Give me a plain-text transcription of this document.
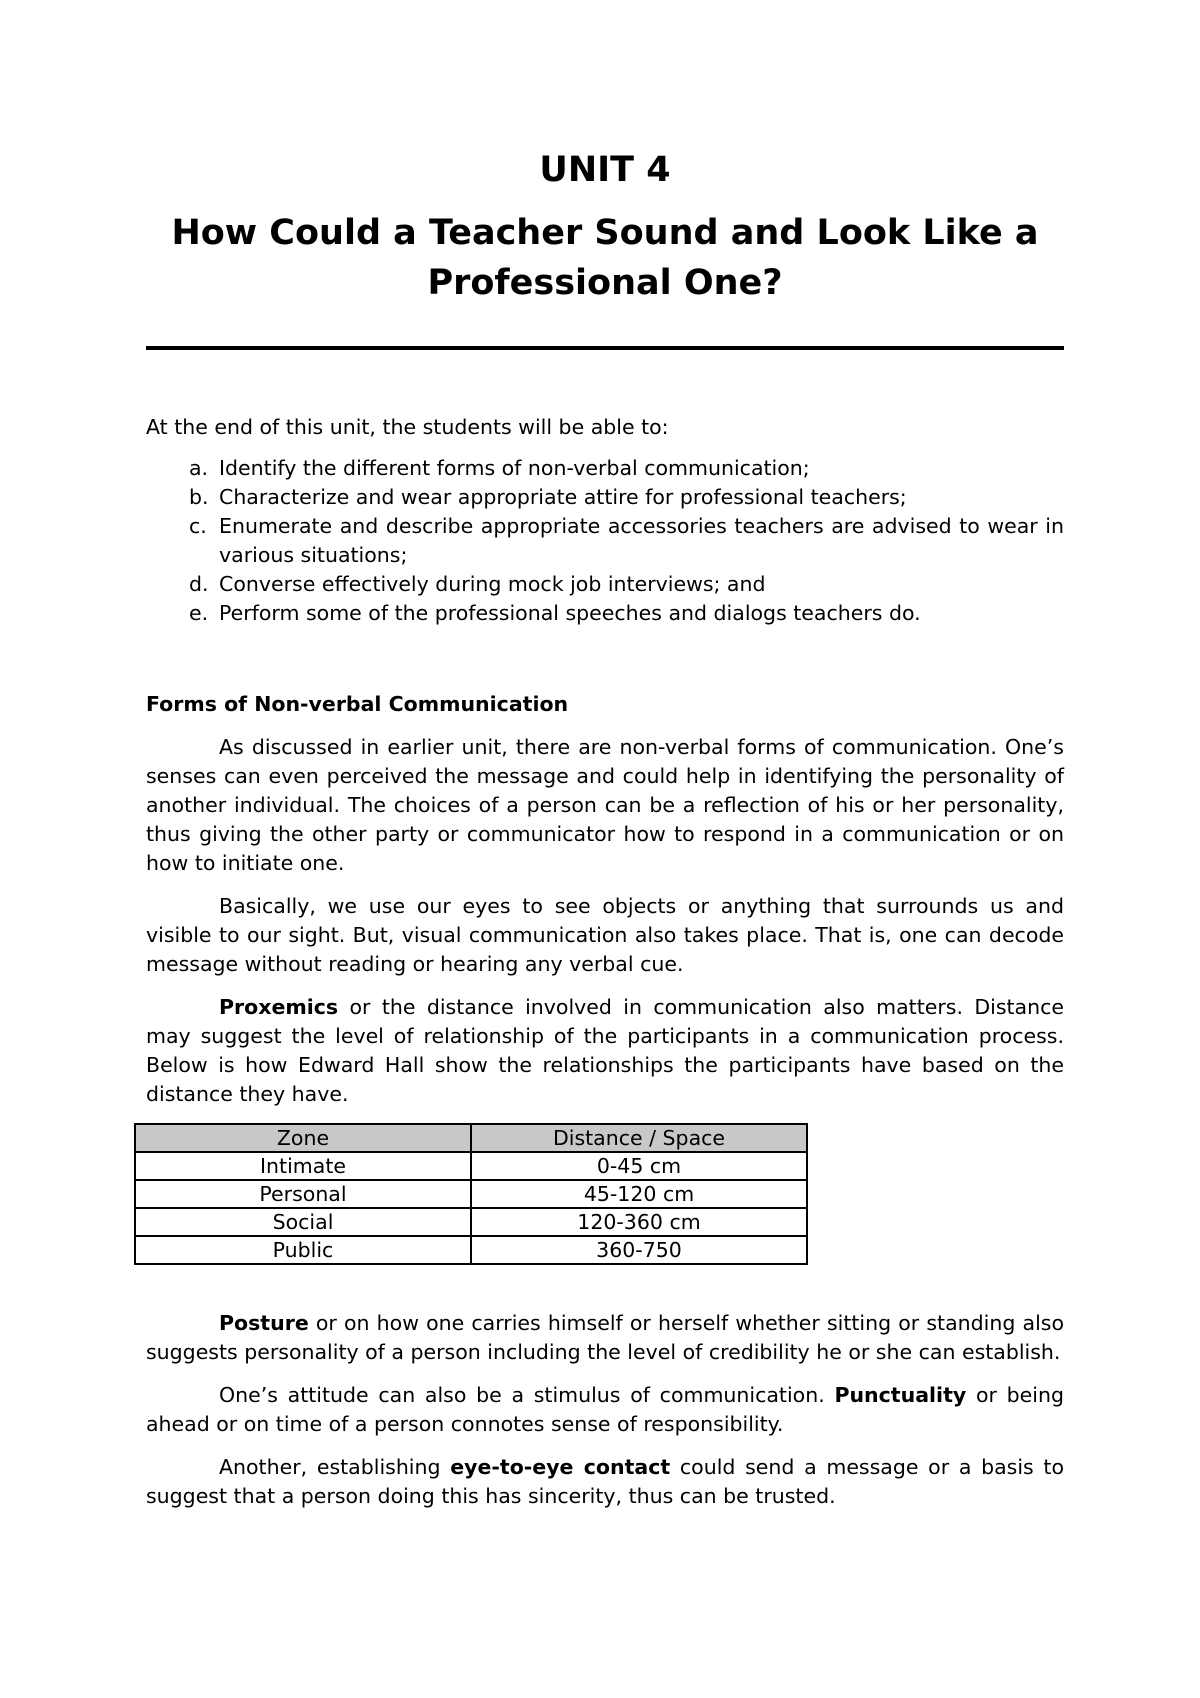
UNIT 4
How Could a Teacher Sound and Look Like a Professional One?

At the end of this unit, the students will be able to:

a. Identify the different forms of non-verbal communication;
b. Characterize and wear appropriate attire for professional teachers;
c. Enumerate and describe appropriate accessories teachers are advised to wear in various situations;
d. Converse effectively during mock job interviews; and
e. Perform some of the professional speeches and dialogs teachers do.
Forms of Non-verbal Communication

As discussed in earlier unit, there are non-verbal forms of communication. One’s senses can even perceived the message and could help in identifying the personality of another individual. The choices of a person can be a reflection of his or her personality, thus giving the other party or communicator how to respond in a communication or on how to initiate one.

Basically, we use our eyes to see objects or anything that surrounds us and visible to our sight. But, visual communication also takes place. That is, one can decode message without reading or hearing any verbal cue.

Proxemics or the distance involved in communication also matters. Distance may suggest the level of relationship of the participants in a communication process. Below is how Edward Hall show the relationships the participants have based on the distance they have.

Zone	Distance / Space
Intimate	0-45 cm
Personal	45-120 cm
Social	120-360 cm
Public	360-750

Posture or on how one carries himself or herself whether sitting or standing also suggests personality of a person including the level of credibility he or she can establish.

One’s attitude can also be a stimulus of communication. Punctuality or being ahead or on time of a person connotes sense of responsibility.

Another, establishing eye-to-eye contact could send a message or a basis to suggest that a person doing this has sincerity, thus can be trusted.
